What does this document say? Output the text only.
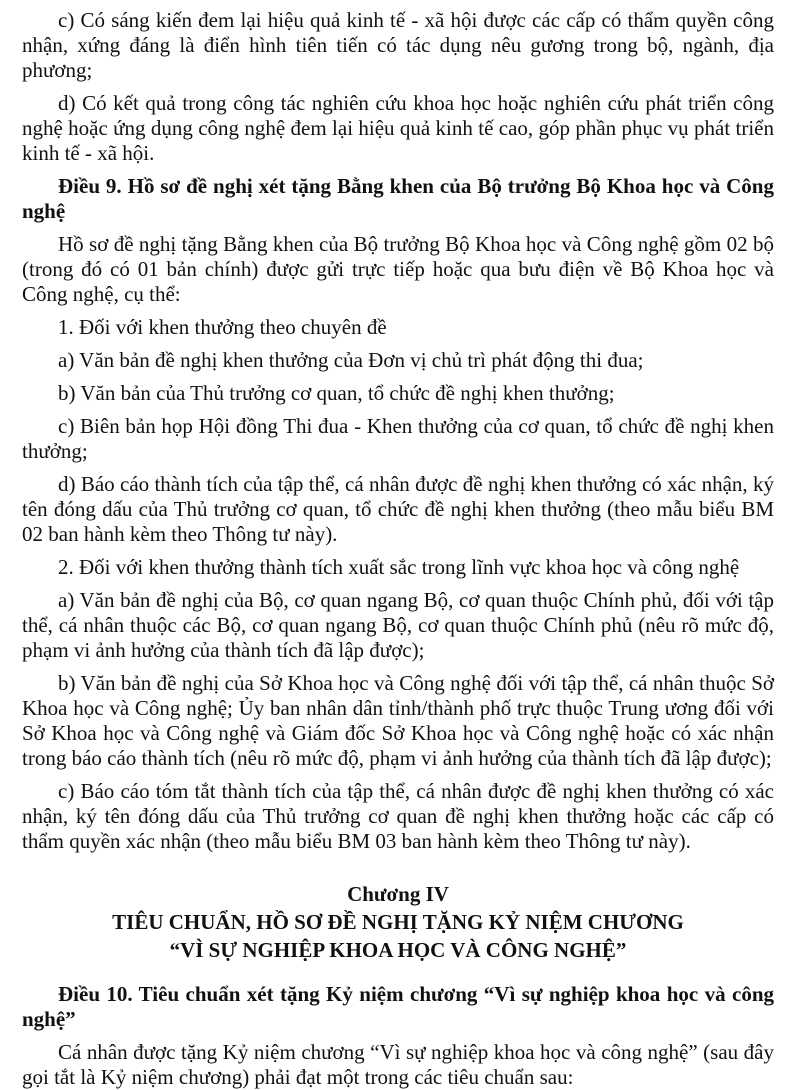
c) Có sáng kiến đem lại hiệu quả kinh tế - xã hội được các cấp có thẩm quyền công nhận, xứng đáng là điển hình tiên tiến có tác dụng nêu gương trong bộ, ngành, địa phương;

d) Có kết quả trong công tác nghiên cứu khoa học hoặc nghiên cứu phát triển công nghệ hoặc ứng dụng công nghệ đem lại hiệu quả kinh tế cao, góp phần phục vụ phát triển kinh tế - xã hội.

Điều 9. Hồ sơ đề nghị xét tặng Bằng khen của Bộ trưởng Bộ Khoa học và Công nghệ

Hồ sơ đề nghị tặng Bằng khen của Bộ trưởng Bộ Khoa học và Công nghệ gồm 02 bộ (trong đó có 01 bản chính) được gửi trực tiếp hoặc qua bưu điện về Bộ Khoa học và Công nghệ, cụ thể:

1. Đối với khen thưởng theo chuyên đề

a) Văn bản đề nghị khen thưởng của Đơn vị chủ trì phát động thi đua;

b) Văn bản của Thủ trưởng cơ quan, tổ chức đề nghị khen thưởng;

c) Biên bản họp Hội đồng Thi đua - Khen thưởng của cơ quan, tổ chức đề nghị khen thưởng;

d) Báo cáo thành tích của tập thể, cá nhân được đề nghị khen thưởng có xác nhận, ký tên đóng dấu của Thủ trưởng cơ quan, tổ chức đề nghị khen thưởng (theo mẫu biểu BM 02 ban hành kèm theo Thông tư này).

2. Đối với khen thưởng thành tích xuất sắc trong lĩnh vực khoa học và công nghệ

a) Văn bản đề nghị của Bộ, cơ quan ngang Bộ, cơ quan thuộc Chính phủ, đối với tập thể, cá nhân thuộc các Bộ, cơ quan ngang Bộ, cơ quan thuộc Chính phủ (nêu rõ mức độ, phạm vi ảnh hưởng của thành tích đã lập được);

b) Văn bản đề nghị của Sở Khoa học và Công nghệ đối với tập thể, cá nhân thuộc Sở Khoa học và Công nghệ; Ủy ban nhân dân tỉnh/thành phố trực thuộc Trung ương đối với Sở Khoa học và Công nghệ và Giám đốc Sở Khoa học và Công nghệ hoặc có xác nhận trong báo cáo thành tích (nêu rõ mức độ, phạm vi ảnh hưởng của thành tích đã lập được);

c) Báo cáo tóm tắt thành tích của tập thể, cá nhân được đề nghị khen thưởng có xác nhận, ký tên đóng dấu của Thủ trưởng cơ quan đề nghị khen thưởng hoặc các cấp có thẩm quyền xác nhận (theo mẫu biểu BM 03 ban hành kèm theo Thông tư này).

Chương IV

TIÊU CHUẨN, HỒ SƠ ĐỀ NGHỊ TẶNG KỶ NIỆM CHƯƠNG

“VÌ SỰ NGHIỆP KHOA HỌC VÀ CÔNG NGHỆ”

Điều 10. Tiêu chuẩn xét tặng Kỷ niệm chương “Vì sự nghiệp khoa học và công nghệ”

Cá nhân được tặng Kỷ niệm chương “Vì sự nghiệp khoa học và công nghệ” (sau đây gọi tắt là Kỷ niệm chương) phải đạt một trong các tiêu chuẩn sau:
